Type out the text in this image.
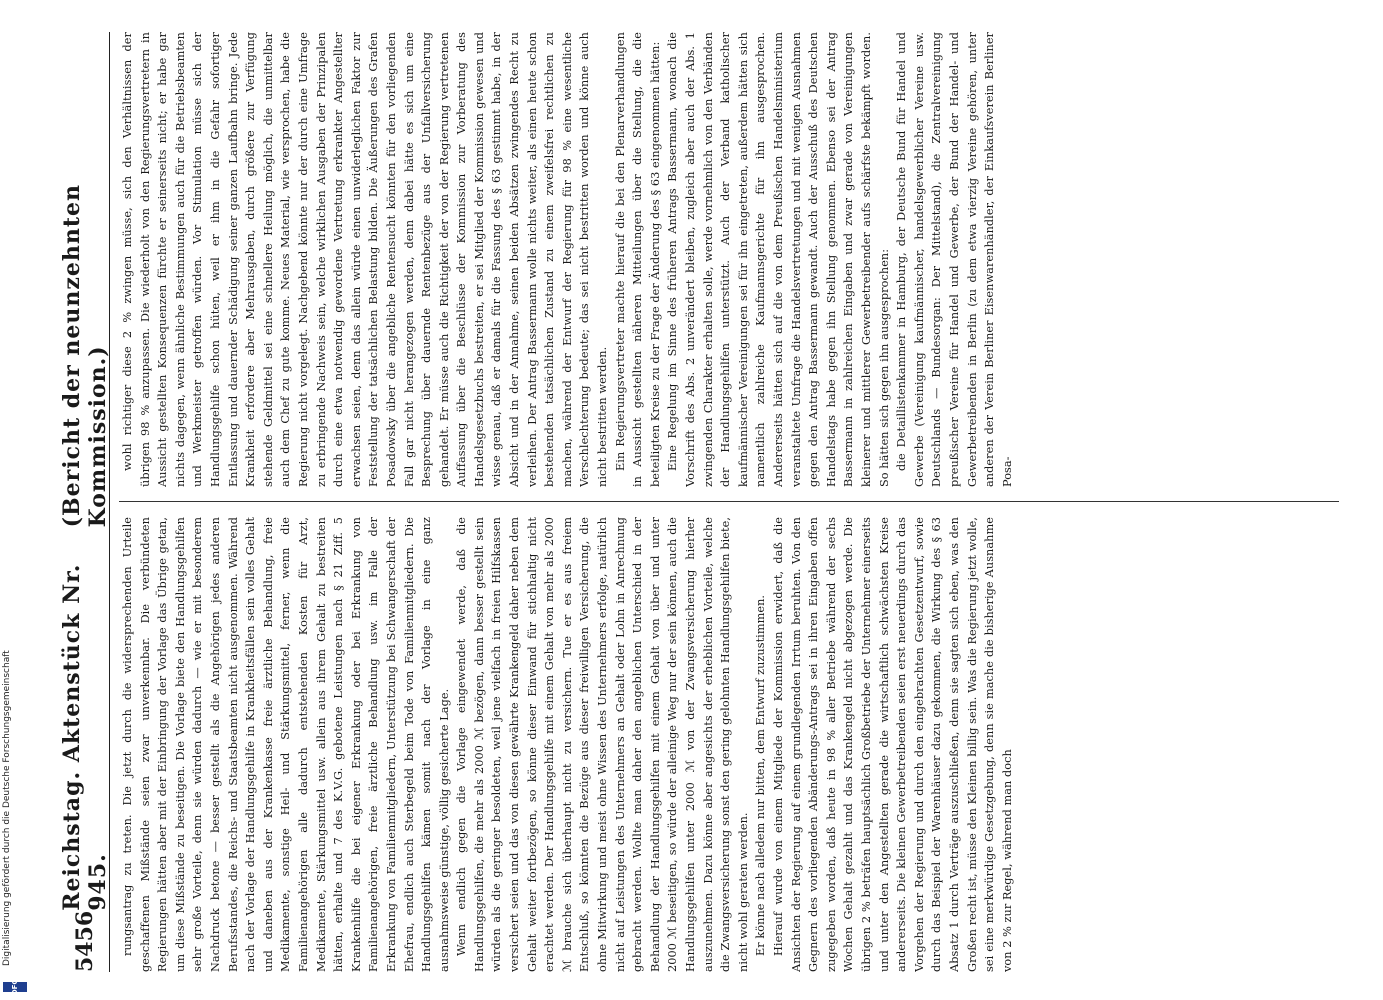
5456
Reichstag. Aktenstück Nr. 945.
(Bericht der neunzehnten Kommission.)

rungsantrag zu treten. Die jetzt durch die widersprechenden Urteile geschaffenen Mißstände seien zwar unverkennbar. Die verbündeten Regierungen hätten aber mit der Einbringung der Vorlage das Übrige getan, um diese Mißstände zu beseitigen. Die Vorlage biete den Handlungsgehilfen sehr große Vorteile, denn sie würden dadurch — wie er mit besonderem Nachdruck betone — besser gestellt als die Angehörigen jedes anderen Berufsstandes, die Reichs- und Staatsbeamten nicht ausgenommen. Während nach der Vorlage der Handlungsgehilfe in Krankheitsfällen sein volles Gehalt und daneben aus der Krankenkasse freie ärztliche Behandlung, freie Medikamente, sonstige Heil- und Stärkungsmittel, ferner, wenn die Familienangehörigen alle dadurch entstehenden Kosten für Arzt, Medikamente, Stärkungsmittel usw. allein aus ihrem Gehalt zu bestreiten hätten, erhalte und 7 des K.V.G. gebotene Leistungen nach § 21 Ziff. 5 Krankenhilfe die bei eigener Erkrankung oder bei Erkrankung von Familienangehörigen, freie ärztliche Behandlung usw. im Falle der Erkrankung von Familienmitgliedern, Unterstützung bei Schwangerschaft der Ehefrau, endlich auch Sterbegeld beim Tode von Familienmitgliedern. Die Handlungsgehilfen kämen somit nach der Vorlage in eine ganz ausnahmsweise günstige, völlig gesicherte Lage. Wenn endlich gegen die Vorlage eingewendet werde, daß die Handlungsgehilfen, die mehr als 2000 ℳ bezögen, dann besser gestellt sein würden als die geringer besoldeten, weil jene vielfach in freien Hilfskassen versichert seien und das von diesen gewährte Krankengeld daher neben dem Gehalt weiter fortbezögen, so könne dieser Einwand für stichhaltig nicht erachtet werden. Der Handlungsgehilfe mit einem Gehalt von mehr als 2000 ℳ brauche sich überhaupt nicht zu versichern. Tue er es aus freiem Entschluß, so könnten die Bezüge aus dieser freiwilligen Versicherung, die ohne Mitwirkung und meist ohne Wissen des Unternehmers erfolge, natürlich nicht auf Leistungen des Unternehmers an Gehalt oder Lohn in Anrechnung gebracht werden. Wollte man daher den angeblichen Unterschied in der Behandlung der Handlungsgehilfen mit einem Gehalt von über und unter 2000 ℳ beseitigen, so würde der alleinige Weg nur der sein können, auch die Handlungsgehilfen unter 2000 ℳ von der Zwangsversicherung hierher auszunehmen. Dazu könne aber angesichts der erheblichen Vorteile, welche die Zwangsversicherung sonst den gering gelohnten Handlungsgehilfen biete, nicht wohl geraten werden. Er könne nach alledem nur bitten, dem Entwurf zuzustimmen. Hierauf wurde von einem Mitgliede der Kommission erwidert, daß die Ansichten der Regierung auf einem grundlegenden Irrtum beruhten. Von den Gegnern des vorliegenden Abänderungs-Antrags sei in ihren Eingaben offen zugegeben worden, daß heute in 98 % aller Betriebe während der sechs Wochen Gehalt gezahlt und das Krankengeld nicht abgezogen werde. Die übrigen 2 % beträfen hauptsächlich Großbetriebe der Unternehmer einerseits und unter den Angestellten gerade die wirtschaftlich schwächsten Kreise andererseits. Die kleinen Gewerbetreibenden seien erst neuerdings durch das Vorgehen der Regierung und durch den eingebrachten Gesetzentwurf, sowie durch das Beispiel der Warenhäuser dazu gekommen, die Wirkung des § 63 Absatz 1 durch Verträge auszuschließen, denn sie sagten sich eben, was den Großen recht ist, müsse den Kleinen billig sein. Was die Regierung jetzt wolle, sei eine merkwürdige Gesetzgebung, denn sie mache die bisherige Ausnahme von 2 % zur Regel, während man doch

wohl richtiger diese 2 % zwingen müsse, sich den Verhältnissen der übrigen 98 % anzupassen. Die wiederholt von den Regierungsvertretern in Aussicht gestellten Konsequenzen fürchte er seinerseits nicht; er habe gar nichts dagegen, wenn ähnliche Bestimmungen auch für die Betriebsbeamten und Werkmeister getroffen würden. Vor Stimulation müsse sich der Handlungsgehilfe schon hüten, weil er ihm in die Gefahr sofortiger Entlassung und dauernder Schädigung seiner ganzen Laufbahn bringe. Jede Krankheit erfordere aber Mehrausgaben, durch größere zur Verfügung stehende Geldmittel sei eine schnellere Heilung möglich, die unmittelbar auch dem Chef zu gute komme. Neues Material, wie versprochen, habe die Regierung nicht vorgelegt. Nachgebend könnte nur der durch eine Umfrage zu erbringende Nachweis sein, welche wirklichen Ausgaben der Prinzipalen durch eine etwa notwendig gewordene Vertretung erkrankter Angestellter erwachsen seien, denn das allein würde einen unwiderleglichen Faktor zur Feststellung der tatsächlichen Belastung bilden. Die Äußerungen des Grafen Posadowsky über die angebliche Rentensucht könnten für den vorliegenden Fall gar nicht herangezogen werden, denn dabei hätte es sich um eine Besprechung über dauernde Rentenbezüge aus der Unfallversicherung gehandelt. Er müsse auch die Richtigkeit der von der Regierung vertretenen Auffassung über die Beschlüsse der Kommission zur Vorberatung des Handelsgesetzbuchs bestreiten, er sei Mitglied der Kommission gewesen und wisse genau, daß er damals für die Fassung des § 63 gestimmt habe, in der Absicht und in der Annahme, seinen beiden Absätzen zwingendes Recht zu verleihen. Der Antrag Bassermann wolle nichts weiter, als einen heute schon bestehenden tatsächlichen Zustand zu einem zweifelsfrei rechtlichen zu machen, während der Entwurf der Regierung für 98 % eine wesentliche Verschlechterung bedeute; das sei nicht bestritten worden und könne auch nicht bestritten werden. Ein Regierungsvertreter machte hierauf die bei den Plenarverhandlungen in Aussicht gestellten näheren Mitteilungen über die Stellung, die die beteiligten Kreise zu der Frage der Änderung des § 63 eingenommen hätten: Eine Regelung im Sinne des früheren Antrags Bassermann, wonach die Vorschrift des Abs. 2 unverändert bleiben, zugleich aber auch der Abs. 1 zwingenden Charakter erhalten solle, werde vornehmlich von den Verbänden der Handlungsgehilfen unterstützt. Auch der Verband katholischer kaufmännischer Vereinigungen sei für ihn eingetreten, außerdem hätten sich namentlich zahlreiche Kaufmannsgerichte für ihn ausgesprochen. Andererseits hätten sich auf die von dem Preußischen Handelsministerium veranstaltete Umfrage die Handelsvertretungen und mit wenigen Ausnahmen gegen den Antrag Bassermann gewandt. Auch der Ausschuß des Deutschen Handelstags habe gegen ihn Stellung genommen. Ebenso sei der Antrag Bassermann in zahlreichen Eingaben und zwar gerade von Vereinigungen kleinerer und mittlerer Gewerbetreibender aufs schärfste bekämpft worden. So hätten sich gegen ihn ausgesprochen: die Detaillistenkammer in Hamburg, der Deutsche Bund für Handel und Gewerbe (Vereinigung kaufmännischer, handelsgewerblicher Vereine usw. Deutschlands — Bundesorgan: Der Mittelstand), die Zentralvereinigung preußischer Vereine für Handel und Gewerbe, der Bund der Handel- und Gewerbetreibenden in Berlin (zu dem etwa vierzig Vereine gehören, unter anderen der Verein Berliner Eisenwarenhändler, der Einkaufsverein Berliner Posa-

Digitalisierung gefördert durch die Deutsche Forschungsgemeinschaft
DFG
